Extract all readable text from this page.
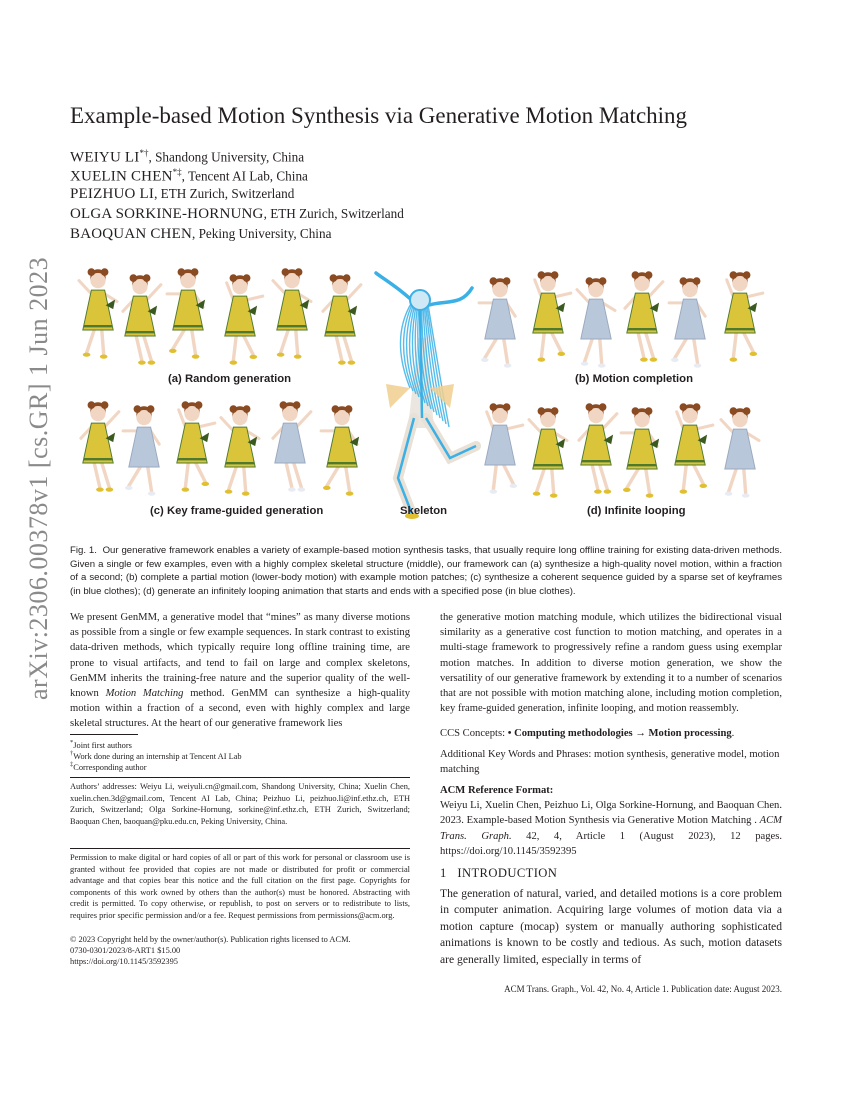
arXiv:2306.00378v1 [cs.GR] 1 Jun 2023
Example-based Motion Synthesis via Generative Motion Matching
WEIYU LI*†, Shandong University, China
XUELIN CHEN*‡, Tencent AI Lab, China
PEIZHUO LI, ETH Zurich, Switzerland
OLGA SORKINE-HORNUNG, ETH Zurich, Switzerland
BAOQUAN CHEN, Peking University, China
(a) Random generation	(b) Motion completion
(c) Key frame-guided generation	Skeleton	(d) Infinite looping
Fig. 1. Our generative framework enables a variety of example-based motion synthesis tasks, that usually require long offline training for existing data-driven methods. Given a single or few examples, even with a highly complex skeletal structure (middle), our framework can (a) synthesize a high-quality novel motion, within a fraction of a second; (b) complete a partial motion (lower-body motion) with example motion patches; (c) synthesize a coherent sequence guided by a sparse set of keyframes (in blue clothes); (d) generate an infinitely looping animation that starts and ends with a specified pose (in blue clothes).
We present GenMM, a generative model that “mines” as many diverse motions as possible from a single or few example sequences. In stark contrast to existing data-driven methods, which typically require long offline training time, are prone to visual artifacts, and tend to fail on large and complex skeletons, GenMM inherits the training-free nature and the superior quality of the well-known Motion Matching method. GenMM can synthesize a high-quality motion within a fraction of a second, even with highly complex and large skeletal structures. At the heart of our generative framework lies
the generative motion matching module, which utilizes the bidirectional visual similarity as a generative cost function to motion matching, and operates in a multi-stage framework to progressively refine a random guess using exemplar motion matches. In addition to diverse motion generation, we show the versatility of our generative framework by extending it to a number of scenarios that are not possible with motion matching alone, including motion completion, key frame-guided generation, infinite looping, and motion reassembly.
*Joint first authors
†Work done during an internship at Tencent AI Lab
‡Corresponding author
Authors’ addresses: Weiyu Li, weiyuli.cn@gmail.com, Shandong University, China; Xuelin Chen, xuelin.chen.3d@gmail.com, Tencent AI Lab, China; Peizhuo Li, peizhuo.li@inf.ethz.ch, ETH Zurich, Switzerland; Olga Sorkine-Hornung, sorkine@inf.ethz.ch, ETH Zurich, Switzerland; Baoquan Chen, baoquan@pku.edu.cn, Peking University, China.
Permission to make digital or hard copies of all or part of this work for personal or classroom use is granted without fee provided that copies are not made or distributed for profit or commercial advantage and that copies bear this notice and the full citation on the first page. Copyrights for components of this work owned by others than the author(s) must be honored. Abstracting with credit is permitted. To copy otherwise, or republish, to post on servers or to redistribute to lists, requires prior specific permission and/or a fee. Request permissions from permissions@acm.org.
© 2023 Copyright held by the owner/author(s). Publication rights licensed to ACM.
0730-0301/2023/8-ART1 $15.00
https://doi.org/10.1145/3592395
CCS Concepts: • Computing methodologies → Motion processing.
Additional Key Words and Phrases: motion synthesis, generative model, motion matching
ACM Reference Format:
Weiyu Li, Xuelin Chen, Peizhuo Li, Olga Sorkine-Hornung, and Baoquan Chen. 2023. Example-based Motion Synthesis via Generative Motion Matching . ACM Trans. Graph. 42, 4, Article 1 (August 2023), 12 pages. https://doi.org/10.1145/3592395
1 INTRODUCTION
The generation of natural, varied, and detailed motions is a core problem in computer animation. Acquiring large volumes of motion data via a motion capture (mocap) system or manually authoring sophisticated animations is known to be costly and tedious. As such, motion datasets are generally limited, especially in terms of
ACM Trans. Graph., Vol. 42, No. 4, Article 1. Publication date: August 2023.
